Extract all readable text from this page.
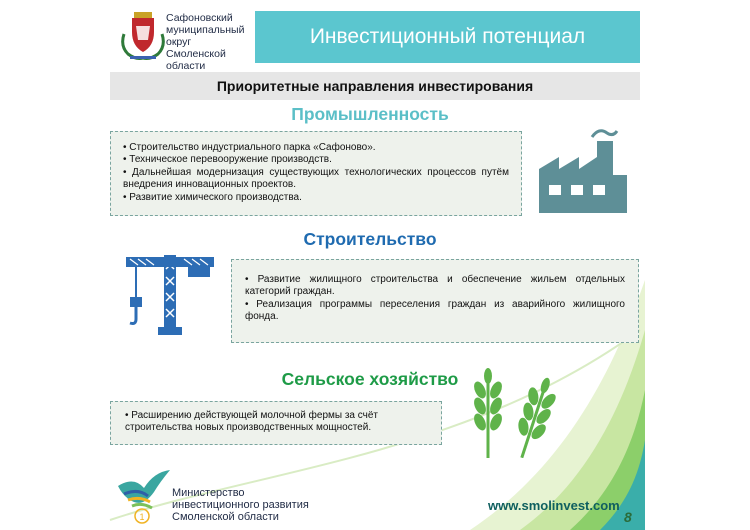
Сафоновский
муниципальный
округ
Смоленской
области
Инвестиционный потенциал
Приоритетные направления инвестирования
Промышленность
• Строительство индустриального парка «Сафоново».
• Техническое перевооружение производств.
• Дальнейшая модернизация существующих технологических процессов путём внедрения инновационных проектов.
• Развитие химического производства.
Строительство
• Развитие жилищного строительства и обеспечение жильем отдельных категорий граждан.
• Реализация программы переселения граждан из аварийного жилищного фонда.
Сельское хозяйство
• Расширению действующей молочной фермы за счёт строительства новых производственных мощностей.
1
Министерство
инвестиционного развития
Смоленской области
www.smolinvest.com
8
